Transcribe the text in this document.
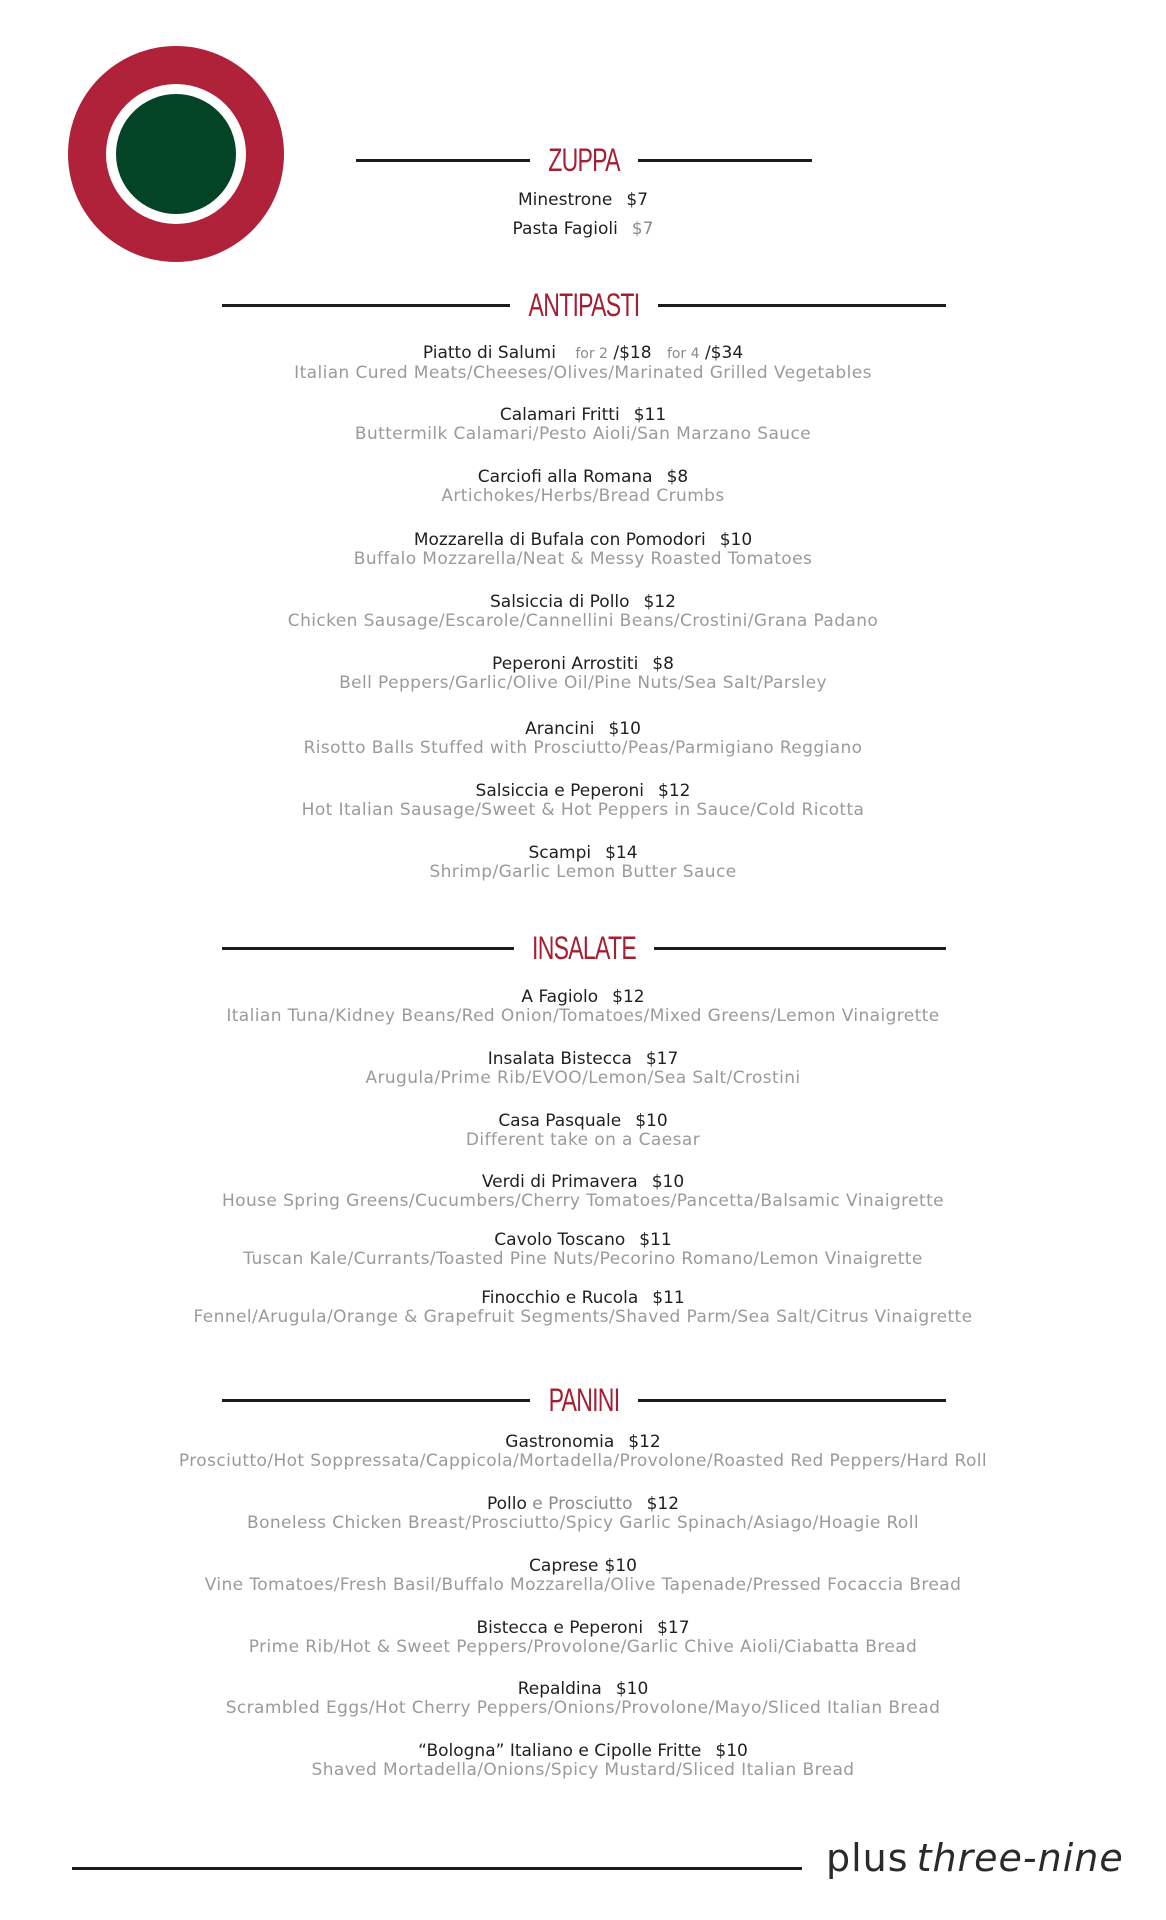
ZUPPA
Minestrone $7
Pasta Fagioli $7
ANTIPASTI
Piatto di Salumi for 2 /$18 for 4 /$34
Italian Cured Meats/Cheeses/Olives/Marinated Grilled Vegetables
Calamari Fritti $11
Buttermilk Calamari/Pesto Aioli/San Marzano Sauce
Carciofi alla Romana $8
Artichokes/Herbs/Bread Crumbs
Mozzarella di Bufala con Pomodori $10
Buffalo Mozzarella/Neat & Messy Roasted Tomatoes
Salsiccia di Pollo $12
Chicken Sausage/Escarole/Cannellini Beans/Crostini/Grana Padano
Peperoni Arrostiti $8
Bell Peppers/Garlic/Olive Oil/Pine Nuts/Sea Salt/Parsley
Arancini $10
Risotto Balls Stuffed with Prosciutto/Peas/Parmigiano Reggiano
Salsiccia e Peperoni $12
Hot Italian Sausage/Sweet & Hot Peppers in Sauce/Cold Ricotta
Scampi $14
Shrimp/Garlic Lemon Butter Sauce
INSALATE
A Fagiolo $12
Italian Tuna/Kidney Beans/Red Onion/Tomatoes/Mixed Greens/Lemon Vinaigrette
Insalata Bistecca $17
Arugula/Prime Rib/EVOO/Lemon/Sea Salt/Crostini
Casa Pasquale $10
Different take on a Caesar
Verdi di Primavera $10
House Spring Greens/Cucumbers/Cherry Tomatoes/Pancetta/Balsamic Vinaigrette
Cavolo Toscano $11
Tuscan Kale/Currants/Toasted Pine Nuts/Pecorino Romano/Lemon Vinaigrette
Finocchio e Rucola $11
Fennel/Arugula/Orange & Grapefruit Segments/Shaved Parm/Sea Salt/Citrus Vinaigrette
PANINI
Gastronomia $12
Prosciutto/Hot Soppressata/Cappicola/Mortadella/Provolone/Roasted Red Peppers/Hard Roll
Pollo e Prosciutto $12
Boneless Chicken Breast/Prosciutto/Spicy Garlic Spinach/Asiago/Hoagie Roll
Caprese $10
Vine Tomatoes/Fresh Basil/Buffalo Mozzarella/Olive Tapenade/Pressed Focaccia Bread
Bistecca e Peperoni $17
Prime Rib/Hot & Sweet Peppers/Provolone/Garlic Chive Aioli/Ciabatta Bread
Repaldina $10
Scrambled Eggs/Hot Cherry Peppers/Onions/Provolone/Mayo/Sliced Italian Bread
“Bologna” Italiano e Cipolle Fritte $10
Shaved Mortadella/Onions/Spicy Mustard/Sliced Italian Bread
plus three-nine
